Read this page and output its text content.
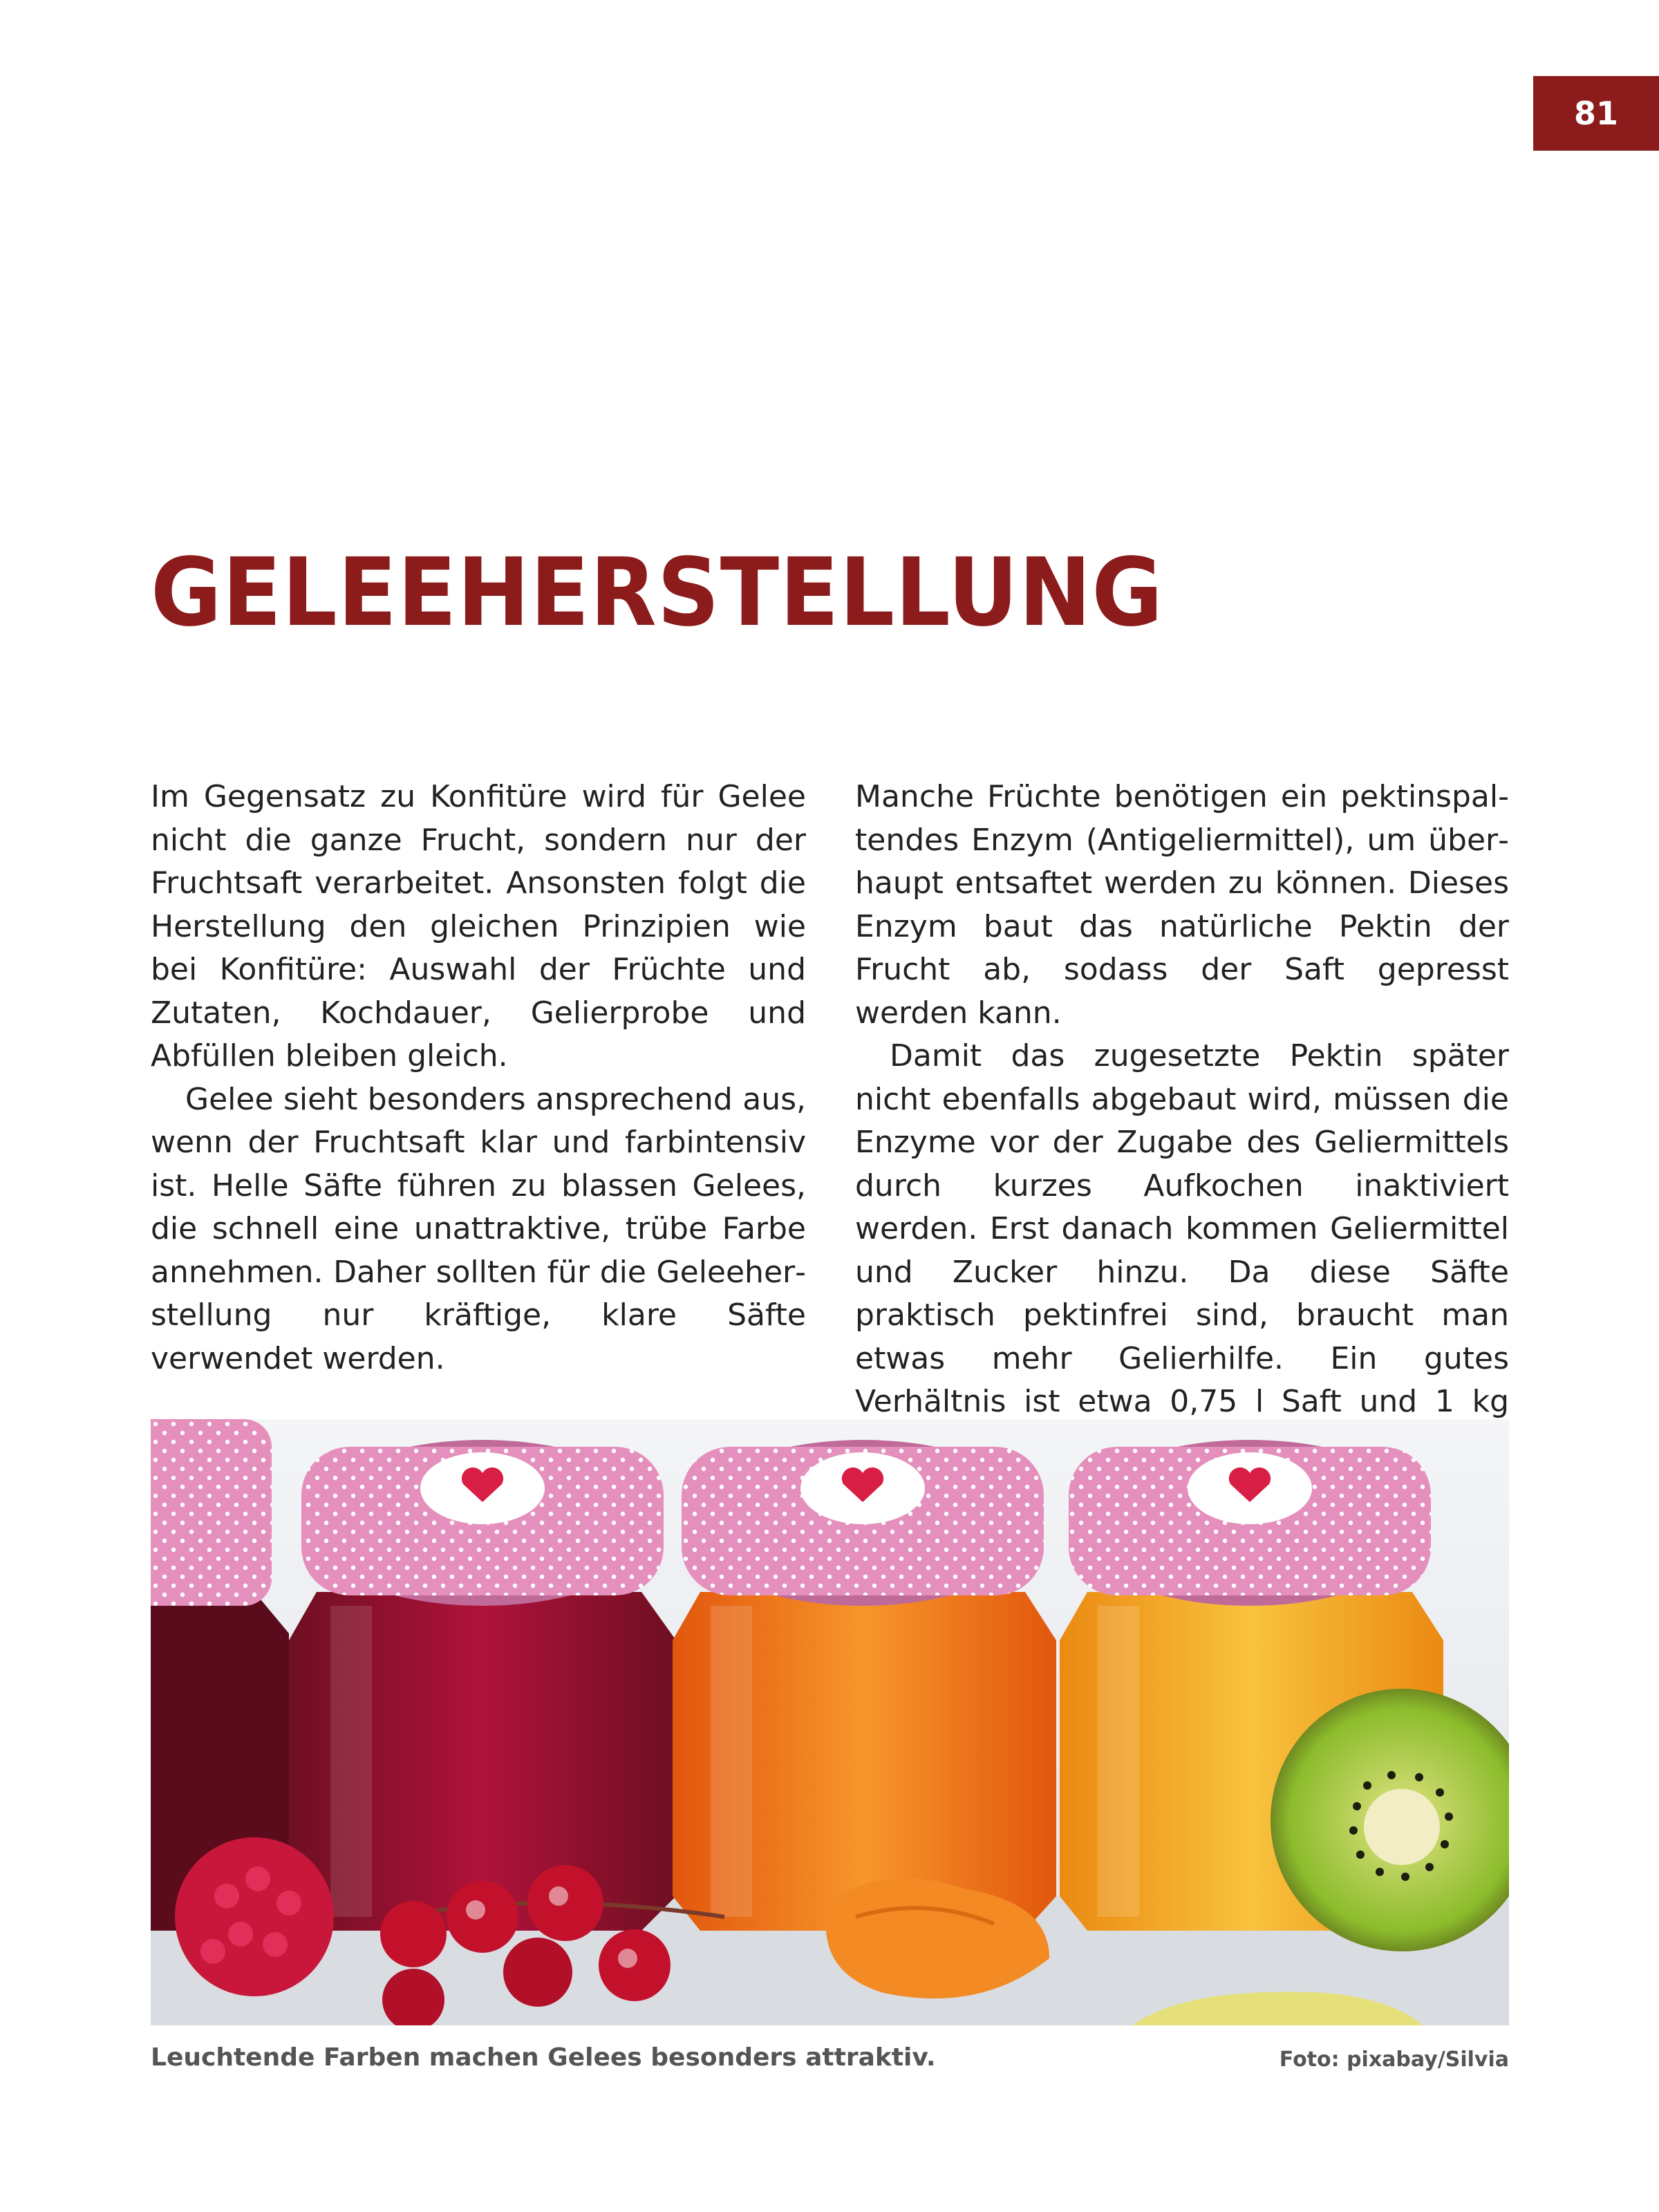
81
GELEEHERSTELLUNG

Im Gegensatz zu Konfitüre wird für Gelee nicht die ganze Frucht, sondern nur der Fruchtsaft verarbeitet. Ansonsten folgt die Herstellung den gleichen Prinzipien wie bei Konfitüre: Auswahl der Früchte und Zutaten, Kochdauer, Gelierprobe und Abfüllen bleiben gleich.

Gelee sieht besonders ansprechend aus, wenn der Fruchtsaft klar und farbintensiv ist. Helle Säfte führen zu blassen Gelees, die schnell eine unattraktive, trübe Farbe annehmen. Daher sollten für die Geleeherstellung nur kräftige, klare Säfte verwendet werden.

Manche Früchte benötigen ein pektinspaltendes Enzym (Antigeliermittel), um überhaupt entsaftet werden zu können. Dieses Enzym baut das natürliche Pektin der Frucht ab, sodass der Saft gepresst werden kann.

Damit das zugesetzte Pektin später nicht ebenfalls abgebaut wird, müssen die Enzyme vor der Zugabe des Geliermittels durch kurzes Aufkochen inaktiviert werden. Erst danach kommen Geliermittel und Zucker hinzu. Da diese Säfte praktisch pektinfrei sind, braucht man etwas mehr Gelierhilfe. Ein gutes Verhältnis ist etwa 0,75 l Saft und 1 kg

Leuchtende Farben machen Gelees besonders attraktiv.	Foto: pixabay/Silvia
